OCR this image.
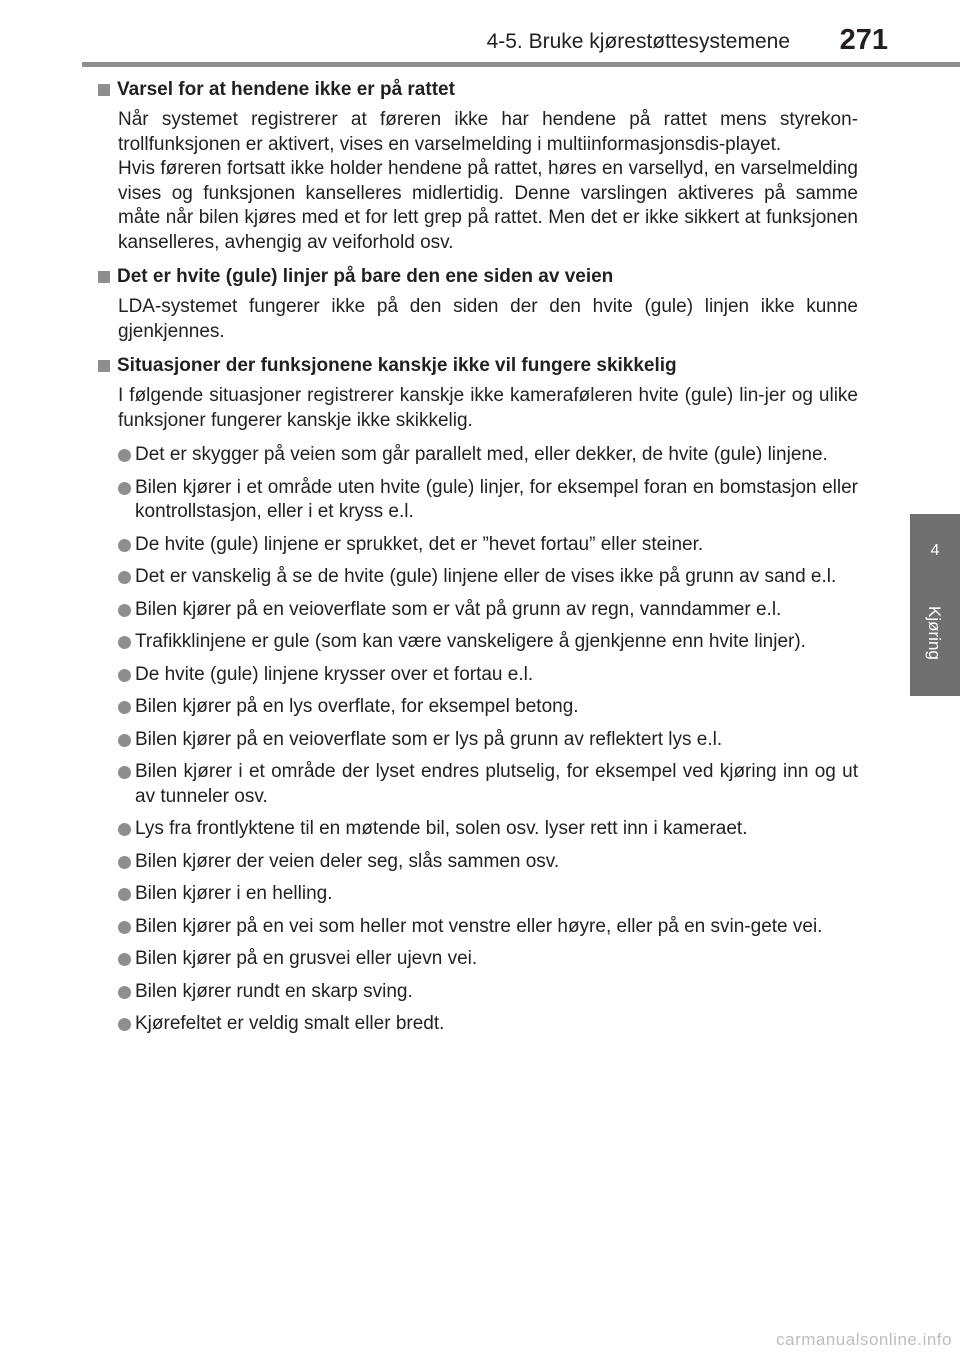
4-5. Bruke kjørestøttesystemene 271
4
Kjøring
Varsel for at hendene ikke er på rattet

Når systemet registrerer at føreren ikke har hendene på rattet mens styrekon-trollfunksjonen er aktivert, vises en varselmelding i multiinformasjonsdis-playet.

Hvis føreren fortsatt ikke holder hendene på rattet, høres en varsellyd, en varselmelding vises og funksjonen kanselleres midlertidig. Denne varslingen aktiveres på samme måte når bilen kjøres med et for lett grep på rattet. Men det er ikke sikkert at funksjonen kanselleres, avhengig av veiforhold osv.

Det er hvite (gule) linjer på bare den ene siden av veien

LDA-systemet fungerer ikke på den siden der den hvite (gule) linjen ikke kunne gjenkjennes.

Situasjoner der funksjonene kanskje ikke vil fungere skikkelig

I følgende situasjoner registrerer kanskje ikke kameraføleren hvite (gule) lin-jer og ulike funksjoner fungerer kanskje ikke skikkelig.

Det er skygger på veien som går parallelt med, eller dekker, de hvite (gule) linjene.
Bilen kjører i et område uten hvite (gule) linjer, for eksempel foran en bomstasjon eller kontrollstasjon, eller i et kryss e.l.
De hvite (gule) linjene er sprukket, det er ”hevet fortau” eller steiner.
Det er vanskelig å se de hvite (gule) linjene eller de vises ikke på grunn av sand e.l.
Bilen kjører på en veioverflate som er våt på grunn av regn, vanndammer e.l.
Trafikklinjene er gule (som kan være vanskeligere å gjenkjenne enn hvite linjer).
De hvite (gule) linjene krysser over et fortau e.l.
Bilen kjører på en lys overflate, for eksempel betong.
Bilen kjører på en veioverflate som er lys på grunn av reflektert lys e.l.
Bilen kjører i et område der lyset endres plutselig, for eksempel ved kjøring inn og ut av tunneler osv.
Lys fra frontlyktene til en møtende bil, solen osv. lyser rett inn i kameraet.
Bilen kjører der veien deler seg, slås sammen osv.
Bilen kjører i en helling.
Bilen kjører på en vei som heller mot venstre eller høyre, eller på en svin-gete vei.
Bilen kjører på en grusvei eller ujevn vei.
Bilen kjører rundt en skarp sving.
Kjørefeltet er veldig smalt eller bredt.
carmanualsonline.info
